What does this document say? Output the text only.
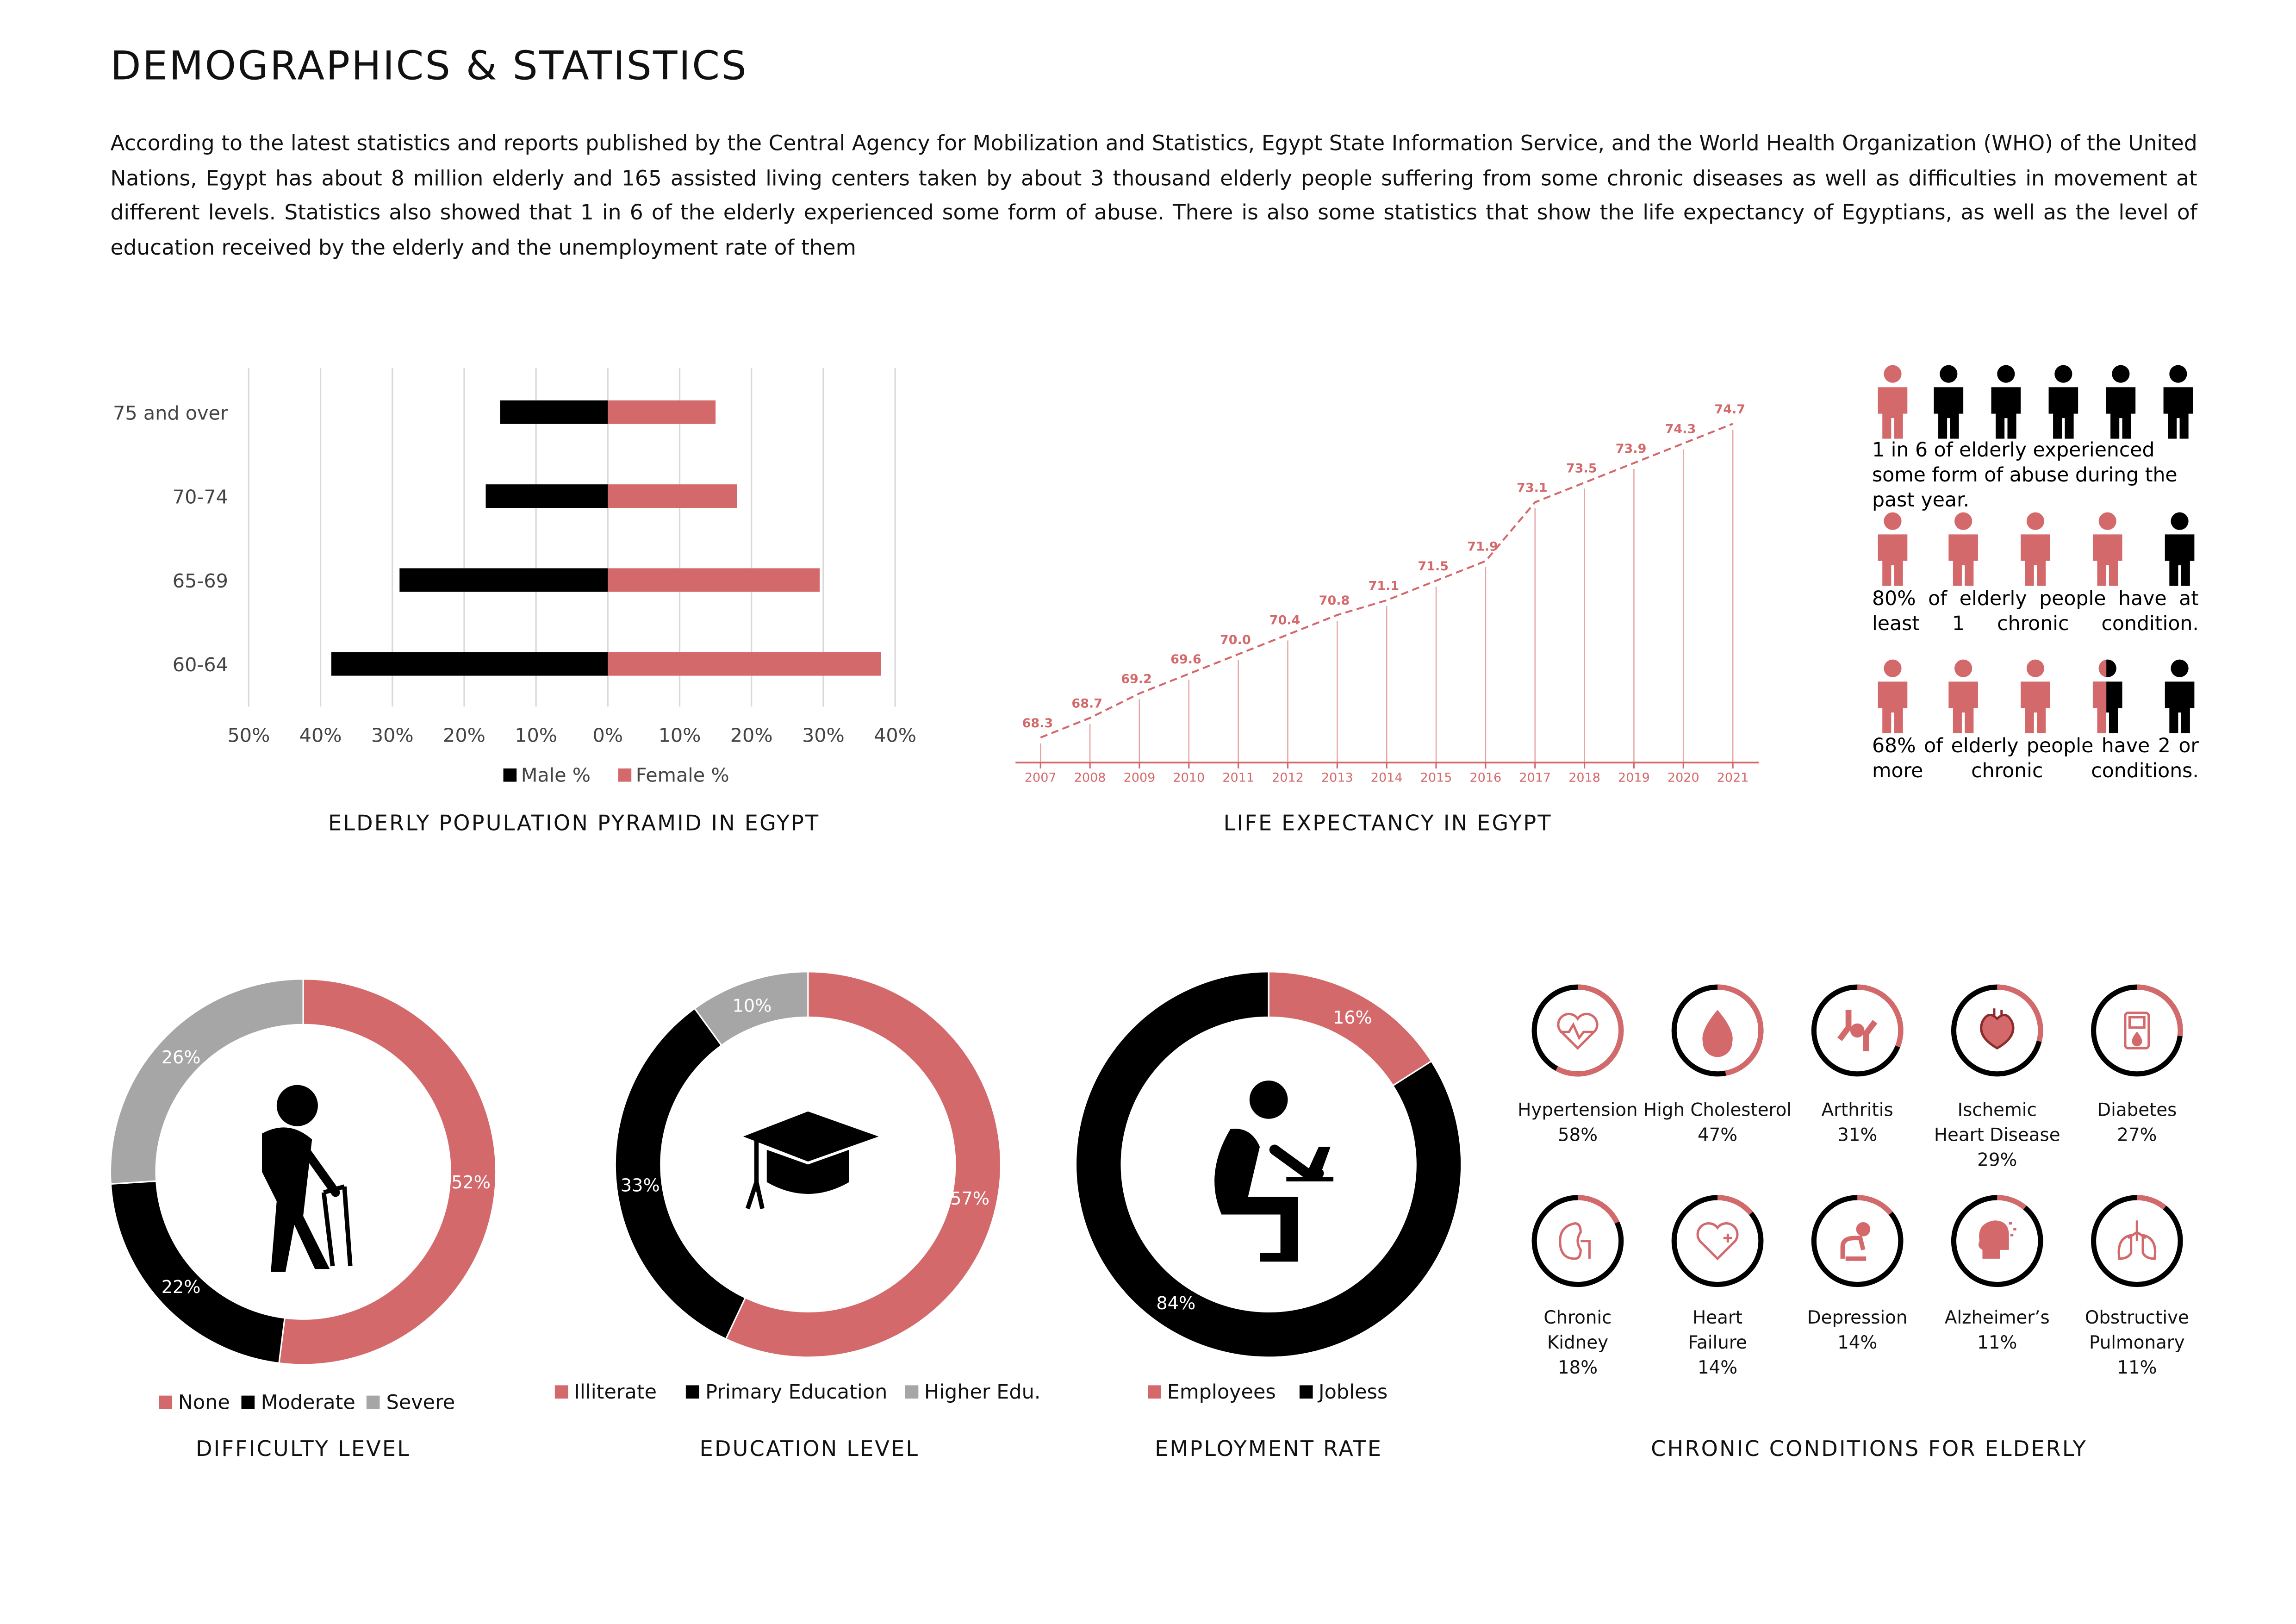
DEMOGRAPHICS & STATISTICS
According to the latest statistics and reports published by the Central Agency for Mobilization and Statistics, Egypt State Information Service, and the World Health Organization (WHO) of the United Nations, Egypt has about 8 million elderly and 165 assisted living centers taken by about 3 thousand elderly people suffering from some chronic diseases as well as difficulties in movement at different levels. Statistics also showed that 1 in 6 of the elderly experienced some form of abuse. There is also some statistics that show the life expectancy of Egyptians, as well as the level of education received by the elderly and the unemployment rate of them
50%	40%	30%	20%	10%	0%	10%	20%	30%	40%
75 and over
70-74
65-69
60-64
Male %	Female %
ELDERLY POPULATION PYRAMID IN EGYPT
2007
68.3
2008
68.7
2009
69.2
2010
69.6
2011
70.0
2012
70.4
2013
70.8
2014
71.1
2015
71.5
2016
71.9
2017
73.1
2018
73.5
2019
73.9
2020
74.3
2021
74.7
LIFE EXPECTANCY IN EGYPT
1 in 6 of elderly experienced some form of abuse during the past year.
80% of elderly people have at least 1 chronic condition.
68% of elderly people have 2 or more chronic conditions.
52%
22%
26%
57%
33%
10%
16%
84%
None	Moderate	Severe	Illiterate	Primary Education	Higher Edu.	Employees	Jobless
DIFFICULTY LEVEL	EDUCATION LEVEL	EMPLOYMENT RATE
Hypertension
58%
High Cholesterol
47%
Arthritis
31%
Ischemic
Heart Disease
29%
Diabetes
27%
Chronic
Kidney
18%
Heart
Failure
14%
Depression
14%
Alzheimer’s
11%
Obstructive
Pulmonary
11%
CHRONIC CONDITIONS FOR ELDERLY
